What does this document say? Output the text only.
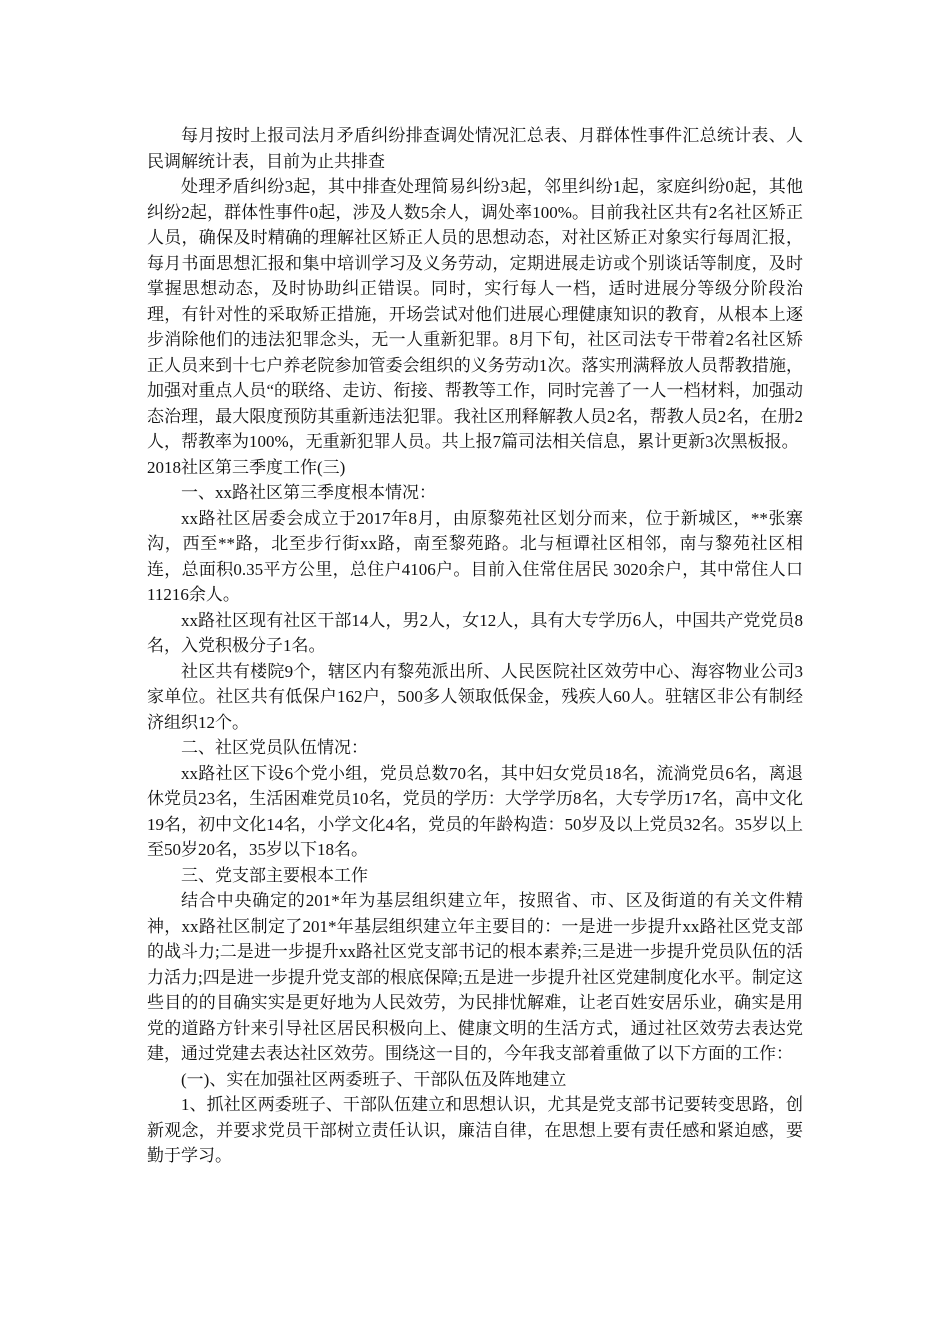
每月按时上报司法月矛盾纠纷排查调处情况汇总表、月群体性事件汇总统计表、人民调解统计表，目前为止共排查

处理矛盾纠纷3起，其中排查处理简易纠纷3起，邻里纠纷1起，家庭纠纷0起，其他纠纷2起，群体性事件0起，涉及人数5余人，调处率100%。目前我社区共有2名社区矫正人员，确保及时精确的理解社区矫正人员的思想动态，对社区矫正对象实行每周汇报，每月书面思想汇报和集中培训学习及义务劳动，定期进展走访或个别谈话等制度，及时掌握思想动态，及时协助纠正错误。同时，实行每人一档，适时进展分等级分阶段治理，有针对性的采取矫正措施，开场尝试对他们进展心理健康知识的教育，从根本上逐步消除他们的违法犯罪念头，无一人重新犯罪。8月下旬，社区司法专干带着2名社区矫正人员来到十七户养老院参加管委会组织的义务劳动1次。落实刑满释放人员帮教措施，加强对重点人员“的联络、走访、衔接、帮教等工作，同时完善了一人一档材料，加强动态治理，最大限度预防其重新违法犯罪。我社区刑释解教人员2名，帮教人员2名，在册2人，帮教率为100%，无重新犯罪人员。共上报7篇司法相关信息，累计更新3次黑板报。

2018社区第三季度工作(三)

一、xx路社区第三季度根本情况：

xx路社区居委会成立于2017年8月，由原黎苑社区划分而来，位于新城区，**张寨沟，西至**路，北至步行街xx路，南至黎苑路。北与桓谭社区相邻，南与黎苑社区相连，总面积0.35平方公里，总住户4106户。目前入住常住居民 3020余户，其中常住人口 11216余人。

xx路社区现有社区干部14人，男2人，女12人，具有大专学历6人，中国共产党党员8名，入党积极分子1名。

社区共有楼院9个，辖区内有黎苑派出所、人民医院社区效劳中心、海容物业公司3家单位。社区共有低保户162户，500多人领取低保金，残疾人60人。驻辖区非公有制经济组织12个。

二、社区党员队伍情况：

xx路社区下设6个党小组，党员总数70名，其中妇女党员18名，流淌党员6名，离退休党员23名，生活困难党员10名，党员的学历：大学学历8名，大专学历17名，高中文化19名，初中文化14名，小学文化4名，党员的年龄构造：50岁及以上党员32名。35岁以上至50岁20名，35岁以下18名。

三、党支部主要根本工作

结合中央确定的201*年为基层组织建立年，按照省、市、区及街道的有关文件精神，xx路社区制定了201*年基层组织建立年主要目的：一是进一步提升xx路社区党支部的战斗力;二是进一步提升xx路社区党支部书记的根本素养;三是进一步提升党员队伍的活力活力;四是进一步提升党支部的根底保障;五是进一步提升社区党建制度化水平。制定这些目的的目确实实是更好地为人民效劳，为民排忧解难，让老百姓安居乐业，确实是用党的道路方针来引导社区居民积极向上、健康文明的生活方式，通过社区效劳去表达党建，通过党建去表达社区效劳。围绕这一目的，今年我支部着重做了以下方面的工作：

(一)、实在加强社区两委班子、干部队伍及阵地建立

1、抓社区两委班子、干部队伍建立和思想认识，尤其是党支部书记要转变思路，创新观念，并要求党员干部树立责任认识，廉洁自律，在思想上要有责任感和紧迫感，要勤于学习。
